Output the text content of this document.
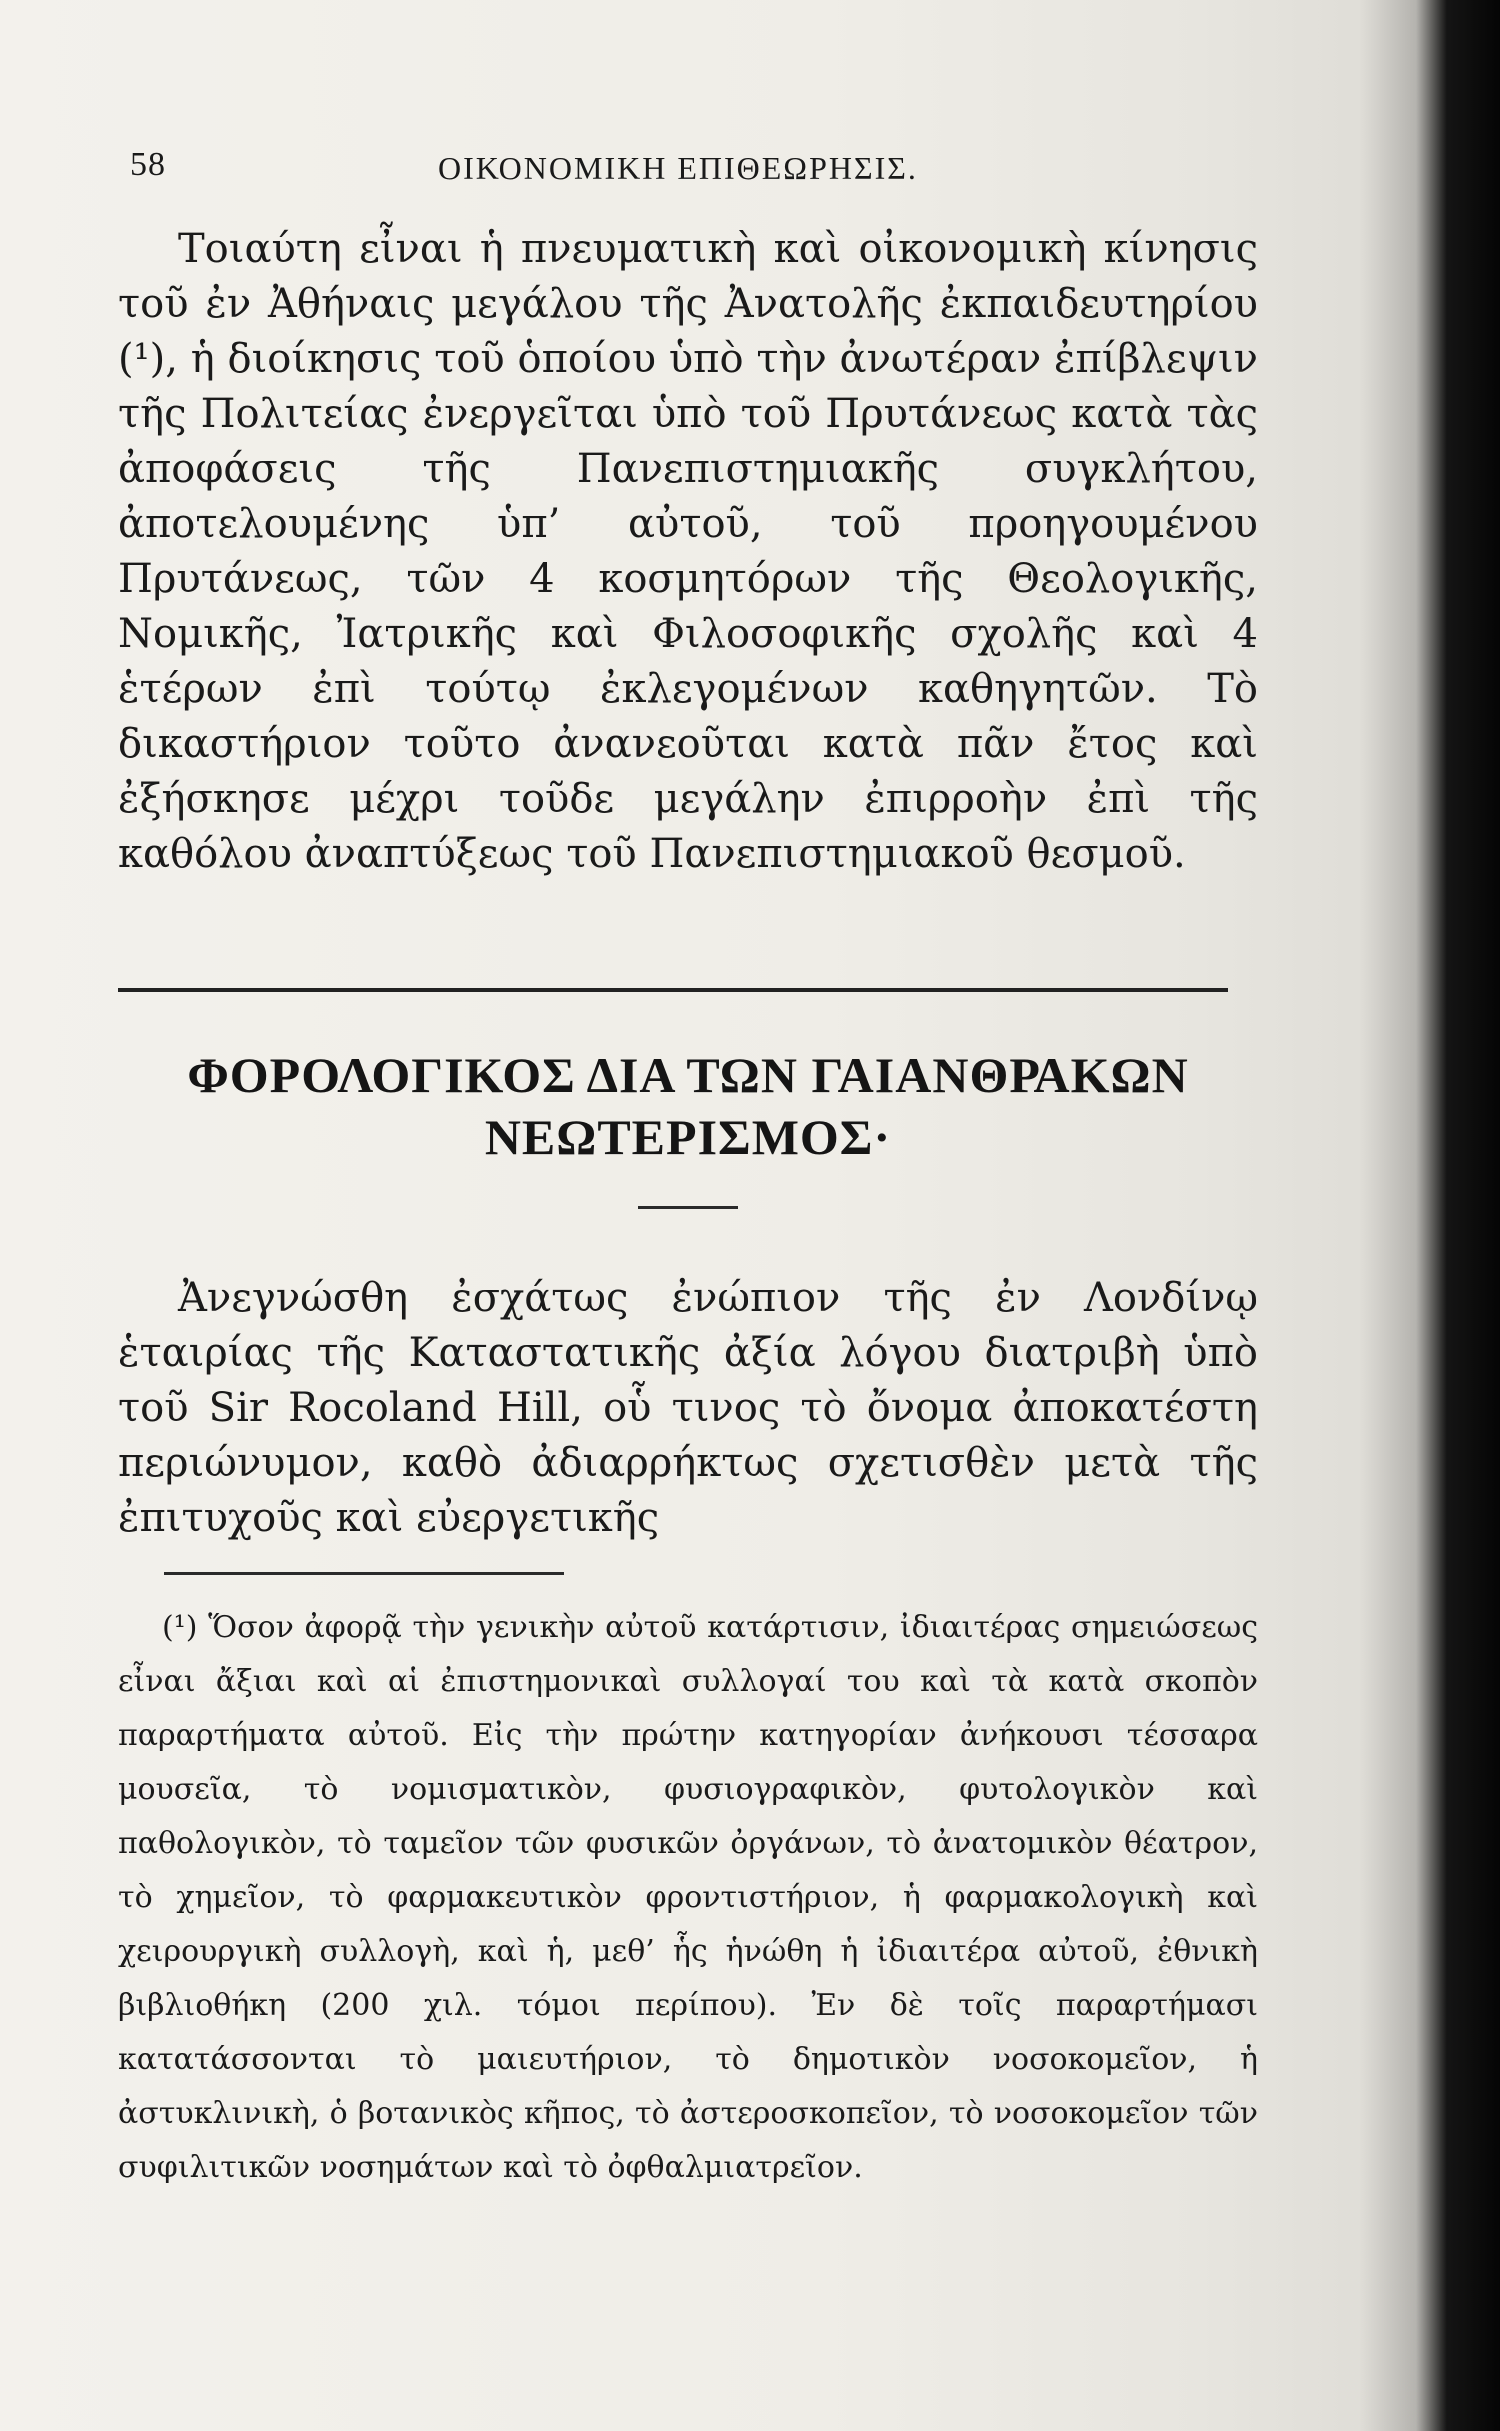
58	ΟΙΚΟΝΟΜΙΚΗ ΕΠΙΘΕΩΡΗΣΙΣ.

Τοιαύτη εἶναι ἡ πνευματικὴ καὶ οἰκονομικὴ κίνησις τοῦ ἐν Ἀθήναις μεγάλου τῆς Ἀνατολῆς ἐκπαιδευτηρίου (¹), ἡ διοίκησις τοῦ ὁποίου ὑπὸ τὴν ἀνωτέραν ἐπίβλεψιν τῆς Πολιτείας ἐνεργεῖται ὑπὸ τοῦ Πρυτάνεως κατὰ τὰς ἀποφάσεις τῆς Πανεπιστημιακῆς συγκλήτου, ἀποτελουμένης ὑπ’ αὐτοῦ, τοῦ προηγουμένου Πρυτάνεως, τῶν 4 κοσμητόρων τῆς Θεολογικῆς, Νομικῆς, Ἰατρικῆς καὶ Φιλοσοφικῆς σχολῆς καὶ 4 ἑτέρων ἐπὶ τούτῳ ἐκλεγομένων καθηγητῶν. Τὸ δικαστήριον τοῦτο ἀνανεοῦται κατὰ πᾶν ἔτος καὶ ἐξήσκησε μέχρι τοῦδε μεγάλην ἐπιρροὴν ἐπὶ τῆς καθόλου ἀναπτύξεως τοῦ Πανεπιστημιακοῦ θεσμοῦ.

ΦΟΡΟΛΟΓΙΚΟΣ ΔΙΑ ΤΩΝ ΓΑΙΑΝΘΡΑΚΩΝ
ΝΕΩΤΕΡΙΣΜΟΣ·

Ἀνεγνώσθη ἐσχάτως ἐνώπιον τῆς ἐν Λονδίνῳ ἑταιρίας τῆς Καταστατικῆς ἀξία λόγου διατριβὴ ὑπὸ τοῦ Sir Rocoland Hill, οὗ τινος τὸ ὄνομα ἀποκατέστη περιώνυμον, καθὸ ἀδιαρρήκτως σχετισθὲν μετὰ τῆς ἐπιτυχοῦς καὶ εὐεργετικῆς

(¹) Ὅσον ἀφορᾷ τὴν γενικὴν αὐτοῦ κατάρτισιν, ἰδιαιτέρας σημειώσεως εἶναι ἄξιαι καὶ αἱ ἐπιστημονικαὶ συλλογαί του καὶ τὰ κατὰ σκοπὸν παραρτήματα αὐτοῦ. Εἰς τὴν πρώτην κατηγορίαν ἀνήκουσι τέσσαρα μουσεῖα, τὸ νομισματικὸν, φυσιογραφικὸν, φυτολογικὸν καὶ παθολογικὸν, τὸ ταμεῖον τῶν φυσικῶν ὀργάνων, τὸ ἀνατομικὸν θέατρον, τὸ χημεῖον, τὸ φαρμακευτικὸν φροντιστήριον, ἡ φαρμακολογικὴ καὶ χειρουργικὴ συλλογὴ, καὶ ἡ, μεθ’ ἧς ἡνώθη ἡ ἰδιαιτέρα αὐτοῦ, ἐθνικὴ βιβλιοθήκη (200 χιλ. τόμοι περίπου). Ἐν δὲ τοῖς παραρτήμασι κατατάσσονται τὸ μαιευτήριον, τὸ δημοτικὸν νοσοκομεῖον, ἡ ἀστυκλινικὴ, ὁ βοτανικὸς κῆπος, τὸ ἀστεροσκοπεῖον, τὸ νοσοκομεῖον τῶν συφιλιτικῶν νοσημάτων καὶ τὸ ὀφθαλμιατρεῖον.
